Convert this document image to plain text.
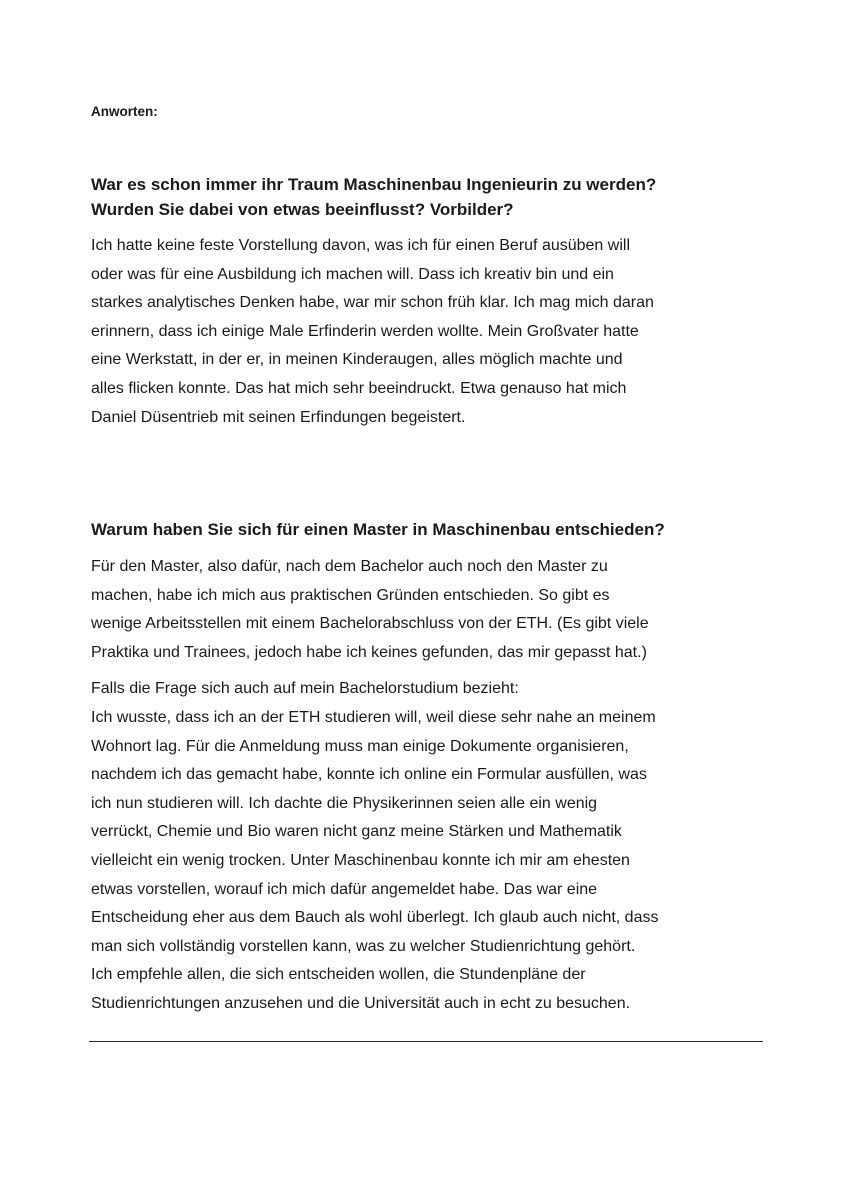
Anworten:
War es schon immer ihr Traum Maschinenbau Ingenieurin zu werden?
Wurden Sie dabei von etwas beeinflusst? Vorbilder?

Ich hatte keine feste Vorstellung davon, was ich für einen Beruf ausüben will
oder was für eine Ausbildung ich machen will. Dass ich kreativ bin und ein
starkes analytisches Denken habe, war mir schon früh klar. Ich mag mich daran
erinnern, dass ich einige Male Erfinderin werden wollte. Mein Großvater hatte
eine Werkstatt, in der er, in meinen Kinderaugen, alles möglich machte und
alles flicken konnte. Das hat mich sehr beeindruckt. Etwa genauso hat mich
Daniel Düsentrieb mit seinen Erfindungen begeistert.

Warum haben Sie sich für einen Master in Maschinenbau entschieden?

Für den Master, also dafür, nach dem Bachelor auch noch den Master zu
machen, habe ich mich aus praktischen Gründen entschieden. So gibt es
wenige Arbeitsstellen mit einem Bachelorabschluss von der ETH. (Es gibt viele
Praktika und Trainees, jedoch habe ich keines gefunden, das mir gepasst hat.)

Falls die Frage sich auch auf mein Bachelorstudium bezieht:
Ich wusste, dass ich an der ETH studieren will, weil diese sehr nahe an meinem
Wohnort lag. Für die Anmeldung muss man einige Dokumente organisieren,
nachdem ich das gemacht habe, konnte ich online ein Formular ausfüllen, was
ich nun studieren will. Ich dachte die Physikerinnen seien alle ein wenig
verrückt, Chemie und Bio waren nicht ganz meine Stärken und Mathematik
vielleicht ein wenig trocken. Unter Maschinenbau konnte ich mir am ehesten
etwas vorstellen, worauf ich mich dafür angemeldet habe. Das war eine
Entscheidung eher aus dem Bauch als wohl überlegt. Ich glaub auch nicht, dass
man sich vollständig vorstellen kann, was zu welcher Studienrichtung gehört.
Ich empfehle allen, die sich entscheiden wollen, die Stundenpläne der
Studienrichtungen anzusehen und die Universität auch in echt zu besuchen.
